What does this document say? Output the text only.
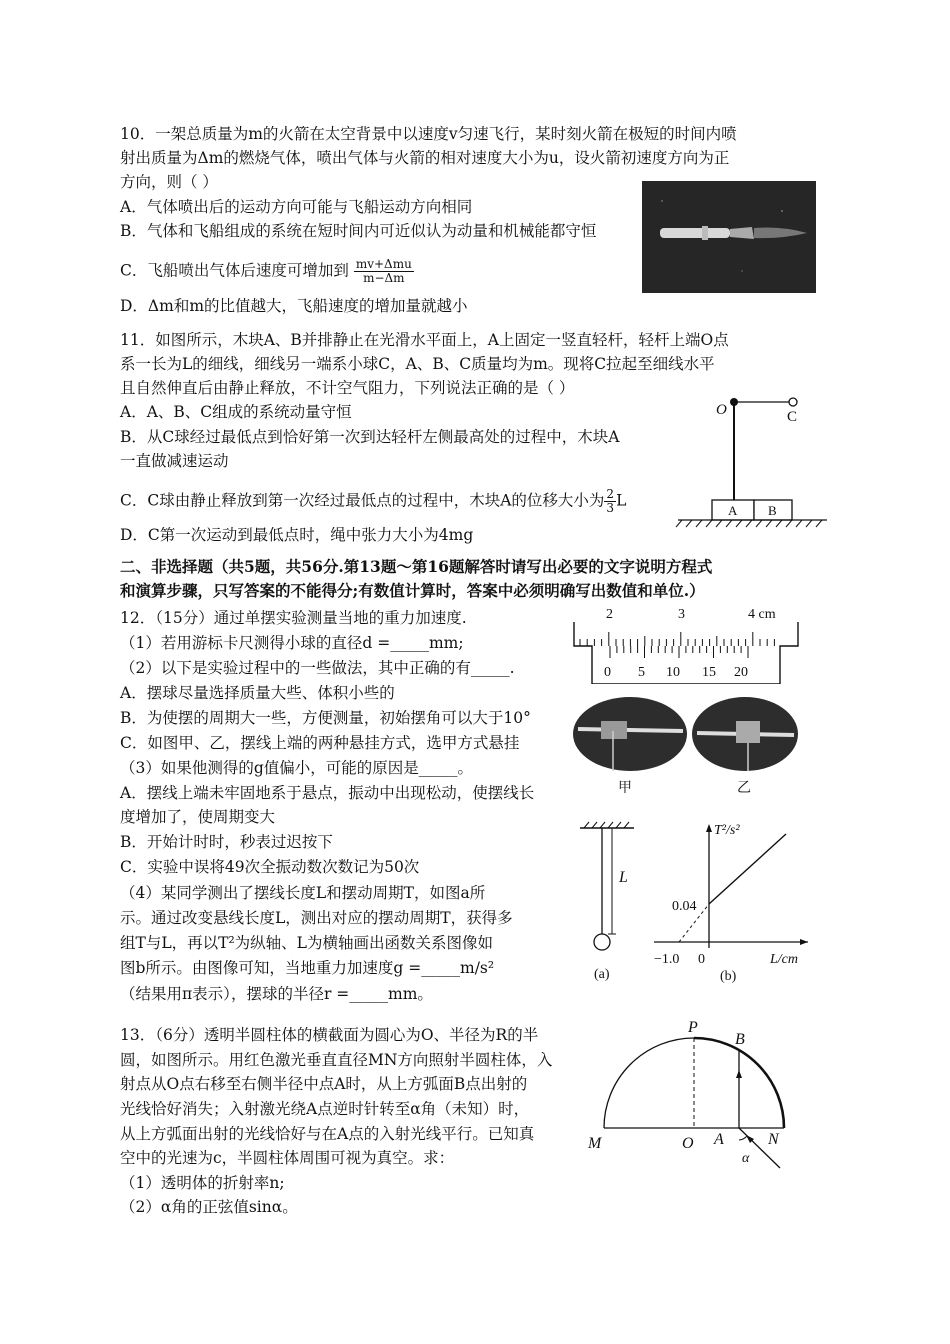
10．一架总质量为m的火箭在太空背景中以速度v匀速飞行，某时刻火箭在极短的时间内喷
射出质量为Δm的燃烧气体，喷出气体与火箭的相对速度大小为u，设火箭初速度方向为正
方向，则（ ）
A．气体喷出后的运动方向可能与飞船运动方向相同
B．气体和飞船组成的系统在短时间内可近似认为动量和机械能都守恒
C．飞船喷出气体后速度可增加到 $\frac{\text{mv+Δmu}}{m-\Delta m}$
D．Δm和m的比值越大，飞船速度的增加量就越小
11．如图所示，木块A、B并排静止在光滑水平面上，A上固定一竖直轻杆，轻杆上端O点
系一长为L的细线，细线另一端系小球C，A、B、C质量均为m。现将C拉起至细线水平
且自然伸直后由静止释放，不计空气阻力，下列说法正确的是（ ）
A．A、B、C组成的系统动量守恒
B．从C球经过最低点到恰好第一次到达轻杆左侧最高处的过程中，木块A
一直做减速运动
C．C球由静止释放到第一次经过最低点的过程中，木块A的位移大小为 $\frac{2}{3}$ L
D．C第一次运动到最低点时，绳中张力大小为4mg
O	C
A B
二、非选择题（共5题，共56分.第13题～第16题解答时请写出必要的文字说明方程式
和演算步骤，只写答案的不能得分;有数值计算时，答案中必须明确写出数值和单位.）
12．（15分）通过单摆实验测量当地的重力加速度.
（1）若用游标卡尺测得小球的直径d =_____mm;
（2）以下是实验过程中的一些做法，其中正确的有_____.
A．摆球尽量选择质量大些、体积小些的
B．为使摆的周期大一些，方便测量，初始摆角可以大于10°
C．如图甲、乙，摆线上端的两种悬挂方式，选甲方式悬挂
（3）如果他测得的g值偏小，可能的原因是_____。
A．摆线上端未牢固地系于悬点，振动中出现松动，使摆线长
度增加了，使周期变大
B．开始计时时，秒表过迟按下
C．实验中误将49次全振动数次数记为50次
（4）某同学测出了摆线长度L和摆动周期T，如图a所
示。通过改变悬线长度L，测出对应的摆动周期T，获得多
组T与L，再以T²为纵轴、L为横轴画出函数关系图像如
图b所示。由图像可知，当地重力加速度g =_____m/s²
（结果用π表示），摆球的半径r =_____mm。
2	3	4 cm
0 5 10 15 20
甲	乙
L
(a)
T²/s²
L/cm
0.04
−1.0 0
(b)
13．（6分）透明半圆柱体的横截面为圆心为O、半径为R的半
圆，如图所示。用红色激光垂直直径MN方向照射半圆柱体，入
射点从O点右移至右侧半径中点A时，从上方弧面B点出射的
光线恰好消失；入射激光绕A点逆时针转至α角（未知）时，
从上方弧面出射的光线恰好与在A点的入射光线平行。已知真
空中的光速为c，半圆柱体周围可视为真空。求：
（1）透明体的折射率n;
（2）α角的正弦值sinα。
P
B
M	O A	N
α
